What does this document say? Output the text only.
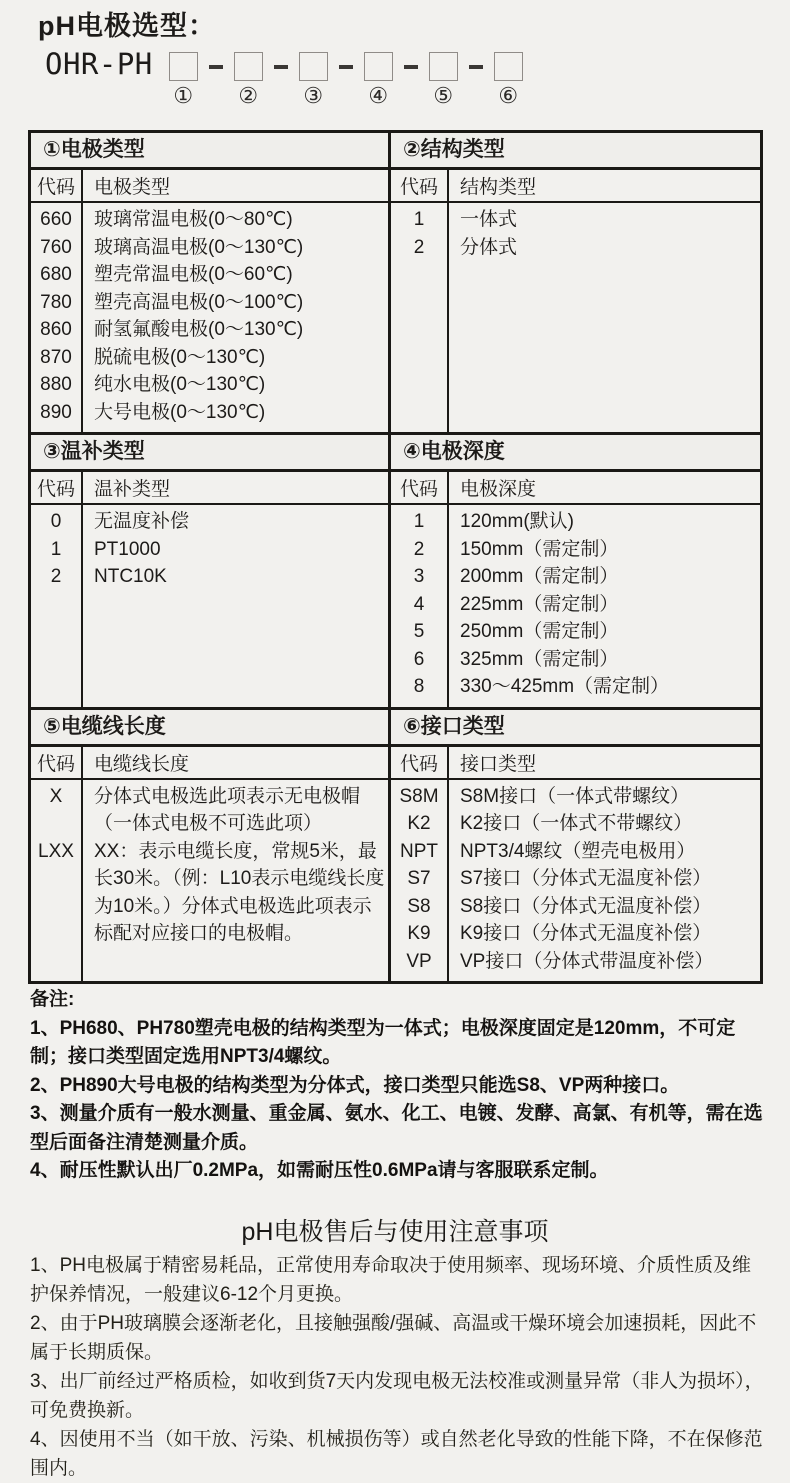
pH电极选型：
OHR-PH
① ② ③ ④ ⑤ ⑥
①电极类型
代码	电极类型
660	玻璃常温电极(0～80℃)
760	玻璃高温电极(0～130℃)
680	塑壳常温电极(0～60℃)
780	塑壳高温电极(0～100℃)
860	耐氢氟酸电极(0～130℃)
870	脱硫电极(0～130℃)
880	纯水电极(0～130℃)
890	大号电极(0～130℃)
②结构类型
代码	结构类型
1	一体式
2	分体式
③温补类型
代码	温补类型
0	无温度补偿
1	PT1000
2	NTC10K
④电极深度
代码	电极深度
1	120mm(默认)
2	150mm（需定制）
3	200mm（需定制）
4	225mm（需定制）
5	250mm（需定制）
6	325mm（需定制）
8	330～425mm（需定制）
⑤电缆线长度
代码	电缆线长度
X	分体式电极选此项表示无电极帽（一体式电极不可选此项）
LXX	XX：表示电缆长度，常规5米，最长30米。（例：L10表示电缆线长度为10米。）分体式电极选此项表示标配对应接口的电极帽。
⑥接口类型
代码	接口类型
S8M	S8M接口（一体式带螺纹）
K2	K2接口（一体式不带螺纹）
NPT	NPT3/4螺纹（塑壳电极用）
S7	S7接口（分体式无温度补偿）
S8	S8接口（分体式无温度补偿）
K9	K9接口（分体式无温度补偿）
VP	VP接口（分体式带温度补偿）

备注:

1、PH680、PH780塑壳电极的结构类型为一体式；电极深度固定是120mm，不可定制；接口类型固定选用NPT3/4螺纹。

2、PH890大号电极的结构类型为分体式，接口类型只能选S8、VP两种接口。

3、测量介质有一般水测量、重金属、氨水、化工、电镀、发酵、高氯、有机等，需在选型后面备注清楚测量介质。

4、耐压性默认出厂0.2MPa，如需耐压性0.6MPa请与客服联系定制。

pH电极售后与使用注意事项

1、PH电极属于精密易耗品，正常使用寿命取决于使用频率、现场环境、介质性质及维护保养情况，一般建议6-12个月更换。

2、由于PH玻璃膜会逐渐老化，且接触强酸/强碱、高温或干燥环境会加速损耗，因此不属于长期质保。

3、出厂前经过严格质检，如收到货7天内发现电极无法校准或测量异常（非人为损坏），可免费换新。

4、因使用不当（如干放、污染、机械损伤等）或自然老化导致的性能下降，不在保修范围内。
